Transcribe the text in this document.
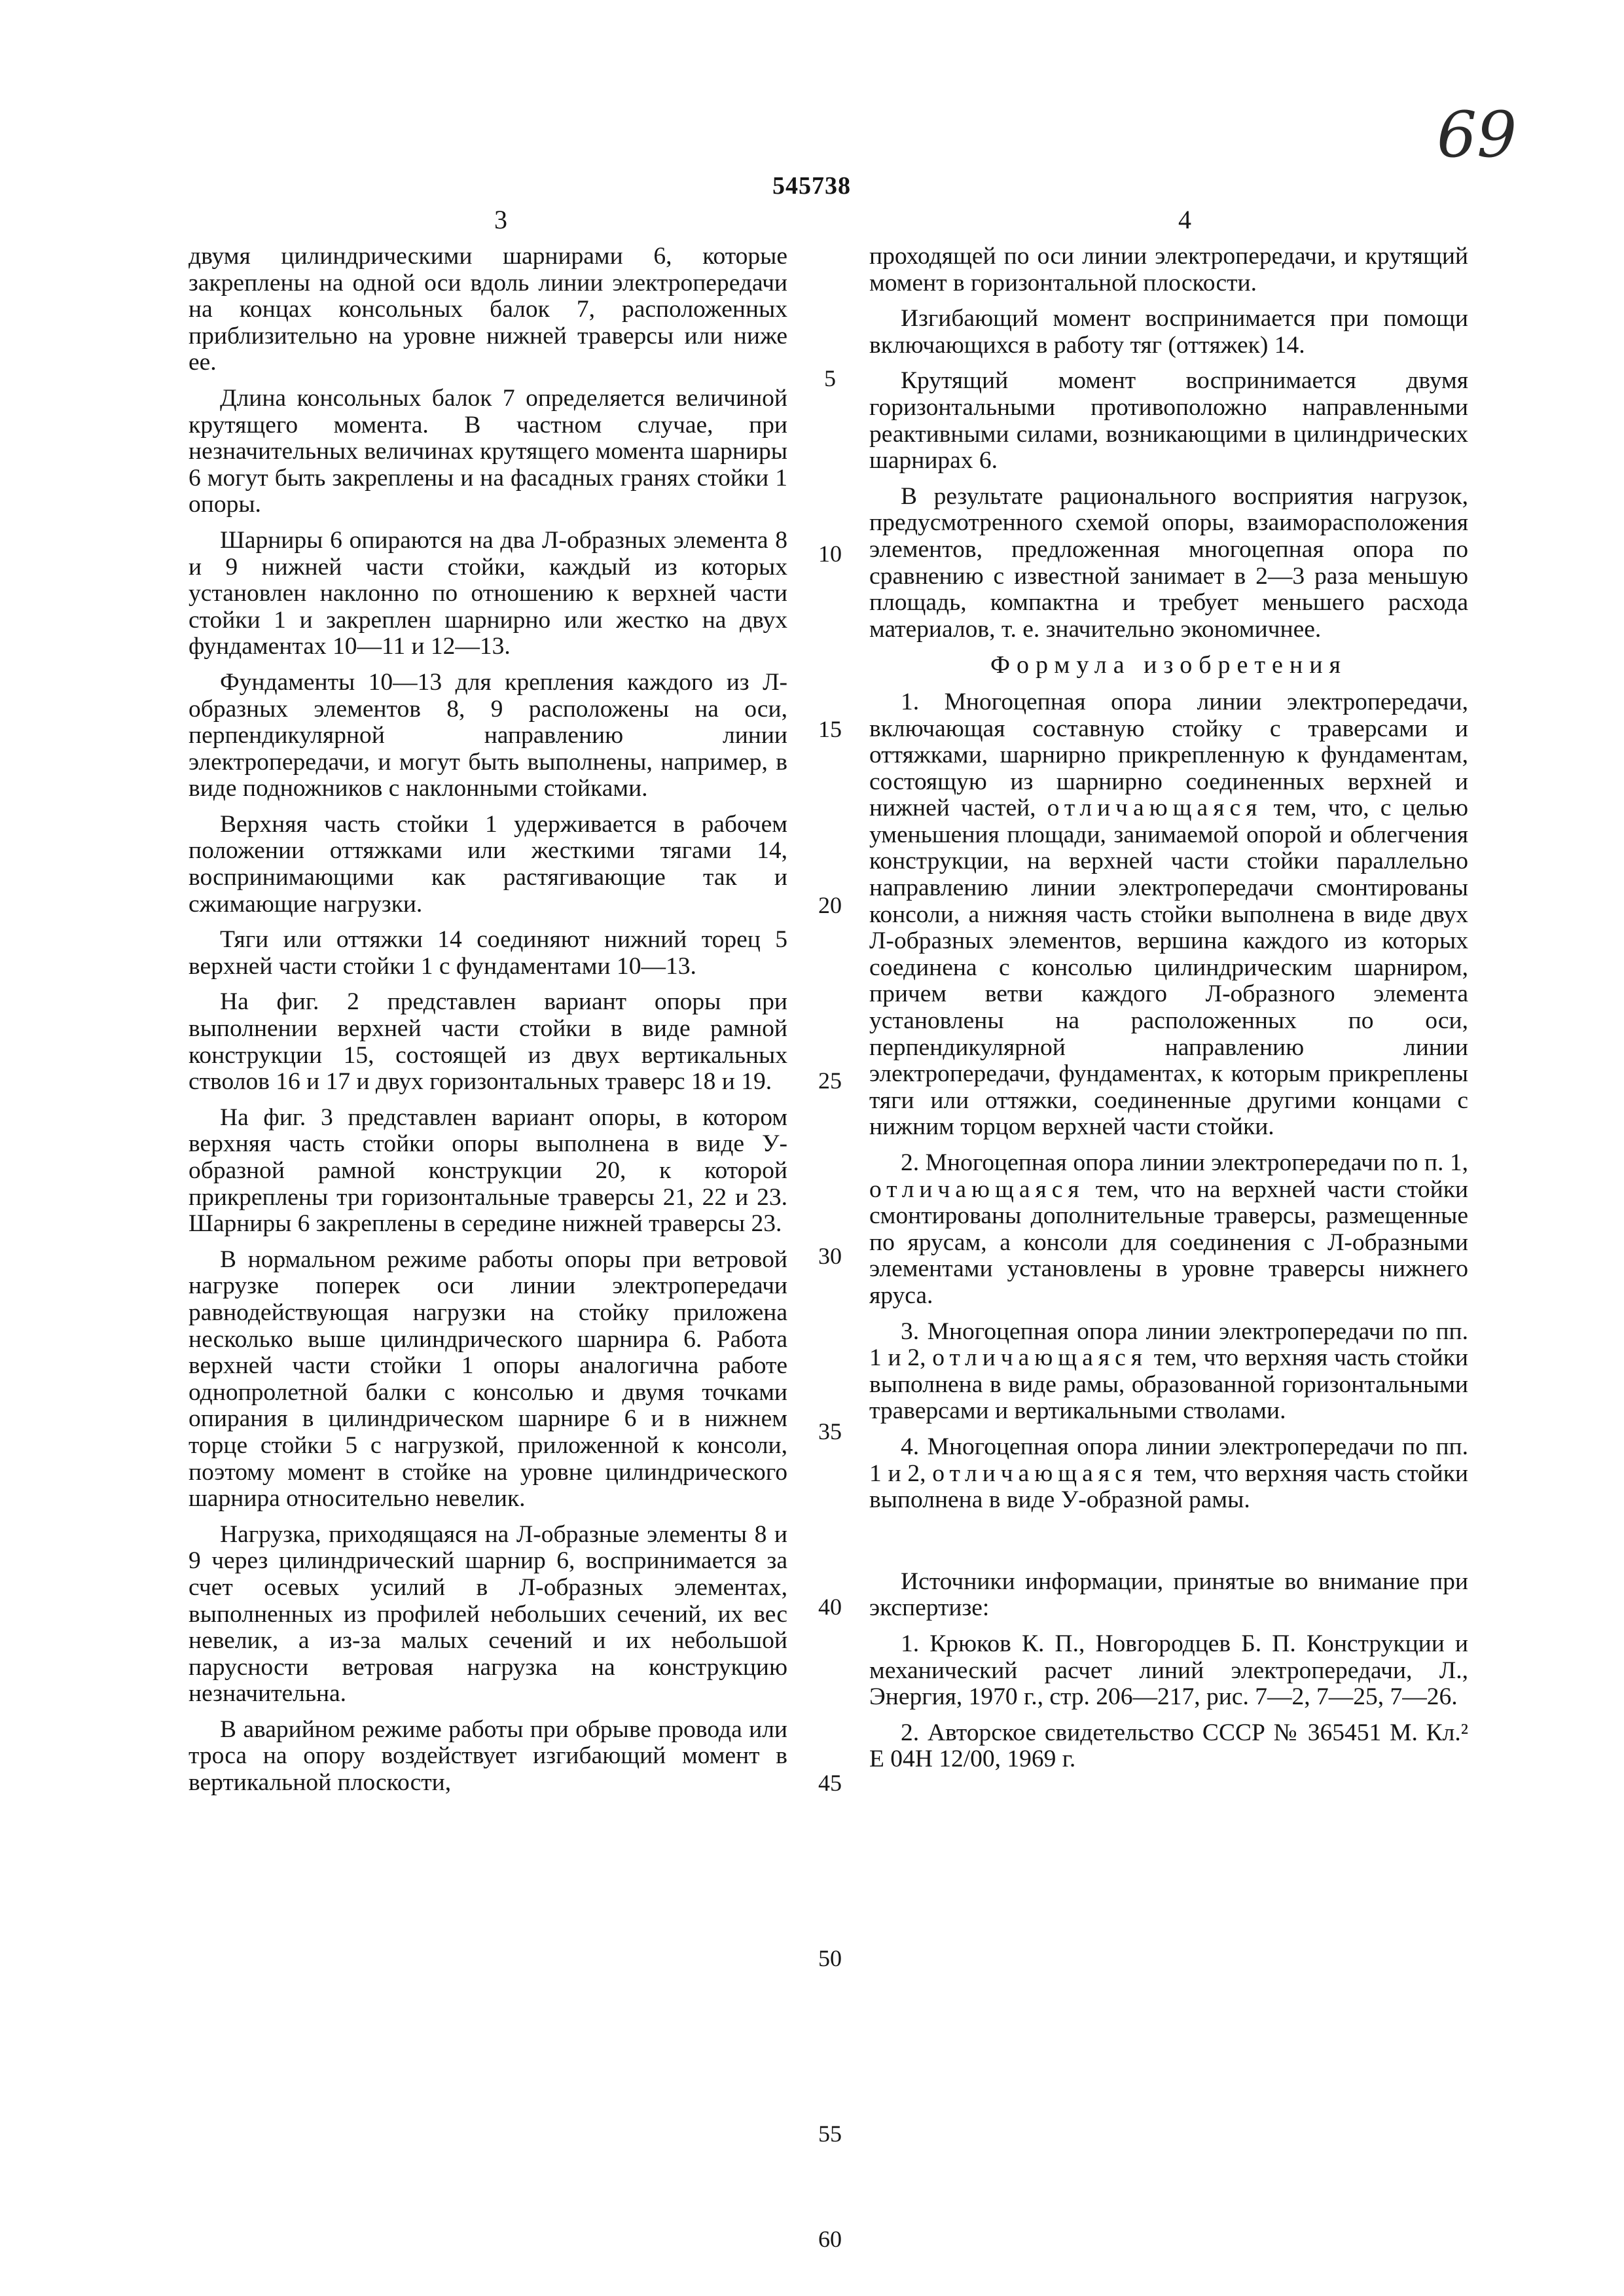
69
545738
3	4

двумя цилиндрическими шарнирами 6, которые закреплены на одной оси вдоль линии электропередачи на концах консольных балок 7, расположенных приблизительно на уровне нижней траверсы или ниже ее.

Длина консольных балок 7 определяется величиной крутящего момента. В частном случае, при незначительных величинах крутящего момента шарниры 6 могут быть закреплены и на фасадных гранях стойки 1 опоры.

Шарниры 6 опираются на два Л-образных элемента 8 и 9 нижней части стойки, каждый из которых установлен наклонно по отношению к верхней части стойки 1 и закреплен шарнирно или жестко на двух фундаментах 10—11 и 12—13.

Фундаменты 10—13 для крепления каждого из Л-образных элементов 8, 9 расположены на оси, перпендикулярной направлению линии электропередачи, и могут быть выполнены, например, в виде подножников с наклонными стойками.

Верхняя часть стойки 1 удерживается в рабочем положении оттяжками или жесткими тягами 14, воспринимающими как растягивающие так и сжимающие нагрузки.

Тяги или оттяжки 14 соединяют нижний торец 5 верхней части стойки 1 с фундаментами 10—13.

На фиг. 2 представлен вариант опоры при выполнении верхней части стойки в виде рамной конструкции 15, состоящей из двух вертикальных стволов 16 и 17 и двух горизонтальных траверс 18 и 19.

На фиг. 3 представлен вариант опоры, в котором верхняя часть стойки опоры выполнена в виде У-образной рамной конструкции 20, к которой прикреплены три горизонтальные траверсы 21, 22 и 23. Шарниры 6 закреплены в середине нижней траверсы 23.

В нормальном режиме работы опоры при ветровой нагрузке поперек оси линии электропередачи равнодействующая нагрузки на стойку приложена несколько выше цилиндрического шарнира 6. Работа верхней части стойки 1 опоры аналогична работе однопролетной балки с консолью и двумя точками опирания в цилиндрическом шарнире 6 и в нижнем торце стойки 5 с нагрузкой, приложенной к консоли, поэтому момент в стойке на уровне цилиндрического шарнира относительно невелик.

Нагрузка, приходящаяся на Л-образные элементы 8 и 9 через цилиндрический шарнир 6, воспринимается за счет осевых усилий в Л-образных элементах, выполненных из профилей небольших сечений, их вес невелик, а из-за малых сечений и их небольшой парусности ветровая нагрузка на конструкцию незначительна.

В аварийном режиме работы при обрыве провода или троса на опору воздействует изгибающий момент в вертикальной плоскости,

5
10
15
20
25
30
35
40
45
50
55
60

проходящей по оси линии электропередачи, и крутящий момент в горизонтальной плоскости.

Изгибающий момент воспринимается при помощи включающихся в работу тяг (оттяжек) 14.

Крутящий момент воспринимается двумя горизонтальными противоположно направленными реактивными силами, возникающими в цилиндрических шарнирах 6.

В результате рационального восприятия нагрузок, предусмотренного схемой опоры, взаиморасположения элементов, предложенная многоцепная опора по сравнению с известной занимает в 2—3 раза меньшую площадь, компактна и требует меньшего расхода материалов, т. е. значительно экономичнее.

Формула изобретения

1. Многоцепная опора линии электропередачи, включающая составную стойку с траверсами и оттяжками, шарнирно прикрепленную к фундаментам, состоящую из шарнирно соединенных верхней и нижней частей, отличающаяся тем, что, с целью уменьшения площади, занимаемой опорой и облегчения конструкции, на верхней части стойки параллельно направлению линии электропередачи смонтированы консоли, а нижняя часть стойки выполнена в виде двух Л-образных элементов, вершина каждого из которых соединена с консолью цилиндрическим шарниром, причем ветви каждого Л-образного элемента установлены на расположенных по оси, перпендикулярной направлению линии электропередачи, фундаментах, к которым прикреплены тяги или оттяжки, соединенные другими концами с нижним торцом верхней части стойки.

2. Многоцепная опора линии электропередачи по п. 1, отличающаяся тем, что на верхней части стойки смонтированы дополнительные траверсы, размещенные по ярусам, а консоли для соединения с Л-образными элементами установлены в уровне траверсы нижнего яруса.

3. Многоцепная опора линии электропередачи по пп. 1 и 2, отличающаяся тем, что верхняя часть стойки выполнена в виде рамы, образованной горизонтальными траверсами и вертикальными стволами.

4. Многоцепная опора линии электропередачи по пп. 1 и 2, отличающаяся тем, что верхняя часть стойки выполнена в виде У-образной рамы.

Источники информации, принятые во внимание при экспертизе:

1. Крюков К. П., Новгородцев Б. П. Конструкции и механический расчет линий электропередачи, Л., Энергия, 1970 г., стр. 206—217, рис. 7—2, 7—25, 7—26.

2. Авторское свидетельство СССР № 365451 М. Кл.² Е 04Н 12/00, 1969 г.
